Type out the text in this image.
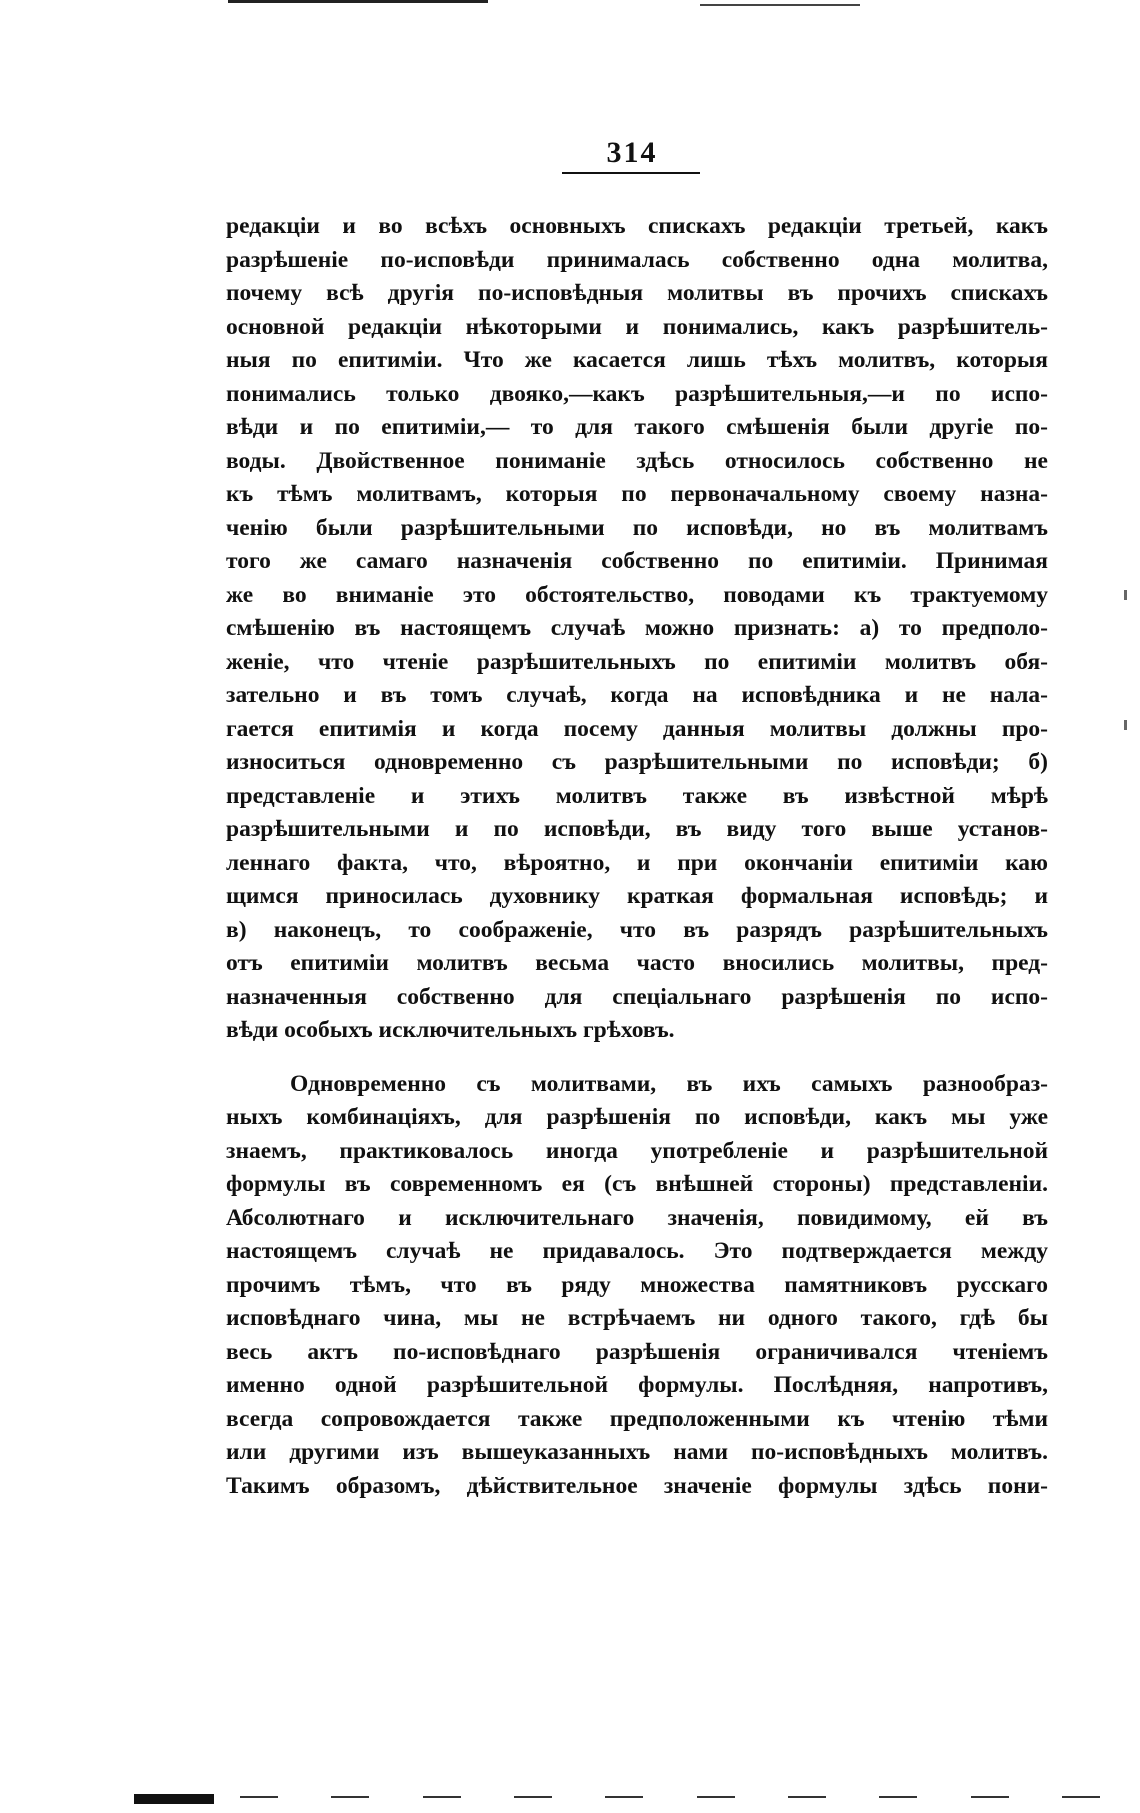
314
редакціи и во всѣхъ основныхъ спискахъ редакціи третьей, какъ
разрѣшеніе по-исповѣди принималась собственно одна молитва,
почему всѣ другія по-исповѣдныя молитвы въ прочихъ спискахъ
основной редакціи нѣкоторыми и понимались, какъ разрѣшитель-
ныя по епитиміи. Что же касается лишь тѣхъ молитвъ, которыя
понимались только двояко,—какъ разрѣшительныя,—и по испо-
вѣди и по епитиміи,— то для такого смѣшенія были другіе по-
воды. Двойственное пониманіе здѣсь относилось собственно не
къ тѣмъ молитвамъ, которыя по первоначальному своему назна-
ченію были разрѣшительными по исповѣди, но въ молитвамъ
того же самаго назначенія собственно по епитиміи. Принимая
же во вниманіе это обстоятельство, поводами къ трактуемому
смѣшенію въ настоящемъ случаѣ можно признать: а) то предполо-
женіе, что чтеніе разрѣшительныхъ по епитиміи молитвъ обя-
зательно и въ томъ случаѣ, когда на исповѣдника и не нала-
гается епитимія и когда посему данныя молитвы должны про-
износиться одновременно съ разрѣшительными по исповѣди; б)
представленіе и этихъ молитвъ также въ извѣстной мѣрѣ
разрѣшительными и по исповѣди, въ виду того выше установ-
леннаго факта, что, вѣроятно, и при окончаніи епитиміи каю
щимся приносилась духовнику краткая формальная исповѣдь; и
в) наконецъ, то соображеніе, что въ разрядъ разрѣшительныхъ
отъ епитиміи молитвъ весьма часто вносились молитвы, пред-
назначенныя собственно для спеціальнаго разрѣшенія по испо-
вѣди особыхъ исключительныхъ грѣховъ.
Одновременно съ молитвами, въ ихъ самыхъ разнообраз-
ныхъ комбинаціяхъ, для разрѣшенія по исповѣди, какъ мы уже
знаемъ, практиковалось иногда употребленіе и разрѣшительной
формулы въ современномъ ея (съ внѣшней стороны) представленіи.
Абсолютнаго и исключительнаго значенія, повидимому, ей въ
настоящемъ случаѣ не придавалось. Это подтверждается между
прочимъ тѣмъ, что въ ряду множества памятниковъ русскаго
исповѣднаго чина, мы не встрѣчаемъ ни одного такого, гдѣ бы
весь актъ по-исповѣднаго разрѣшенія ограничивался чтеніемъ
именно одной разрѣшительной формулы. Послѣдняя, напротивъ,
всегда сопровождается также предположенными къ чтенію тѣми
или другими изъ вышеуказанныхъ нами по-исповѣдныхъ молитвъ.
Такимъ образомъ, дѣйствительное значеніе формулы здѣсь пони-
